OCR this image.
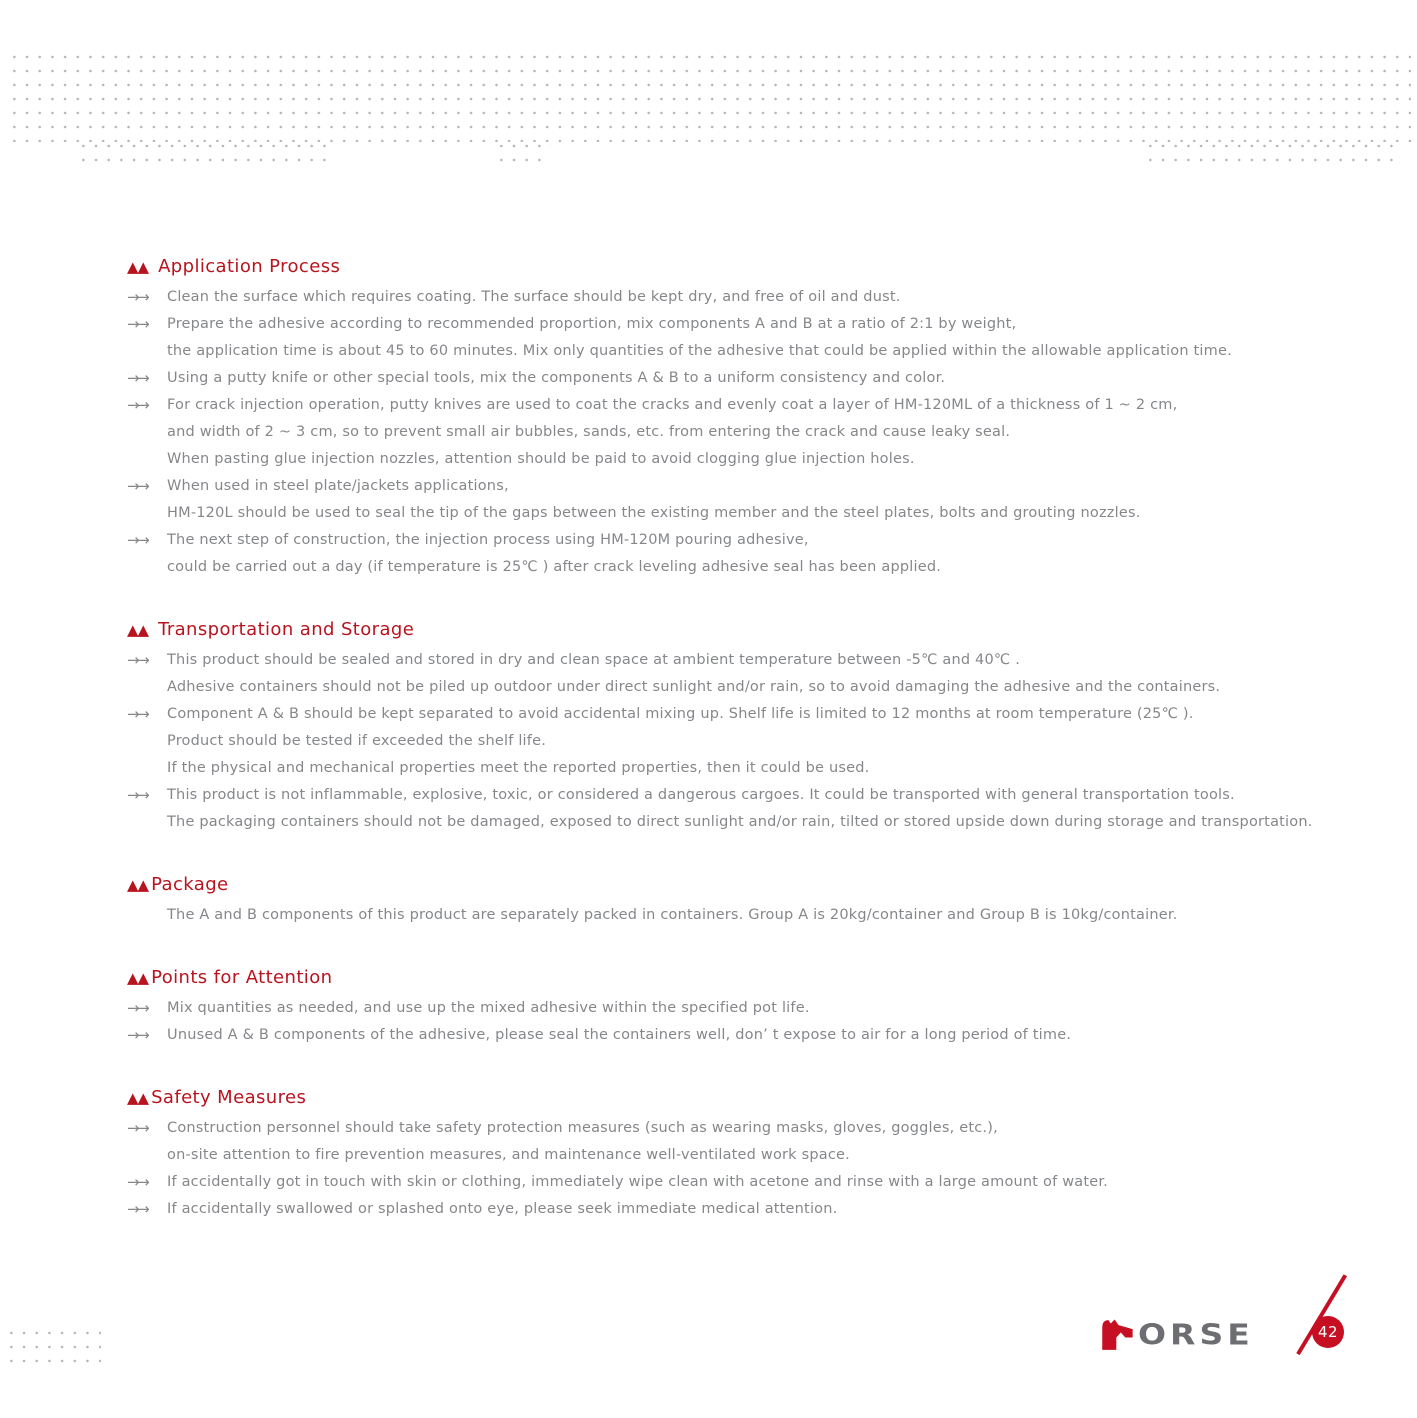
▲▲ Application Process
→→	Clean the surface which requires coating. The surface should be kept dry, and free of oil and dust.
→→	Prepare the adhesive according to recommended proportion, mix components A and B at a ratio of 2:1 by weight,
the application time is about 45 to 60 minutes. Mix only quantities of the adhesive that could be applied within the allowable application time.
→→	Using a putty knife or other special tools, mix the components A & B to a uniform consistency and color.
→→	For crack injection operation, putty knives are used to coat the cracks and evenly coat a layer of HM-120ML of a thickness of 1 ~ 2 cm,
and width of 2 ~ 3 cm, so to prevent small air bubbles, sands, etc. from entering the crack and cause leaky seal.
When pasting glue injection nozzles, attention should be paid to avoid clogging glue injection holes.
→→	When used in steel plate/jackets applications,
HM-120L should be used to seal the tip of the gaps between the existing member and the steel plates, bolts and grouting nozzles.
→→	The next step of construction, the injection process using HM-120M pouring adhesive,
could be carried out a day (if temperature is 25℃ ) after crack leveling adhesive seal has been applied.
▲▲ Transportation and Storage
→→	This product should be sealed and stored in dry and clean space at ambient temperature between -5℃ and 40℃ .
Adhesive containers should not be piled up outdoor under direct sunlight and/or rain, so to avoid damaging the adhesive and the containers.
→→	Component A & B should be kept separated to avoid accidental mixing up. Shelf life is limited to 12 months at room temperature (25℃ ).
Product should be tested if exceeded the shelf life.
If the physical and mechanical properties meet the reported properties, then it could be used.
→→	This product is not inflammable, explosive, toxic, or considered a dangerous cargoes. It could be transported with general transportation tools.
The packaging containers should not be damaged, exposed to direct sunlight and/or rain, tilted or stored upside down during storage and transportation.
▲▲ Package
The A and B components of this product are separately packed in containers. Group A is 20kg/container and Group B is 10kg/container.
▲▲ Points for Attention
→→	Mix quantities as needed, and use up the mixed adhesive within the specified pot life.
→→	Unused A & B components of the adhesive, please seal the containers well, don’ t expose to air for a long period of time.
▲▲ Safety Measures
→→	Construction personnel should take safety protection measures (such as wearing masks, gloves, goggles, etc.),
on-site attention to fire prevention measures, and maintenance well-ventilated work space.
→→	If accidentally got in touch with skin or clothing, immediately wipe clean with acetone and rinse with a large amount of water.
→→	If accidentally swallowed or splashed onto eye, please seek immediate medical attention.
ORSE	42
